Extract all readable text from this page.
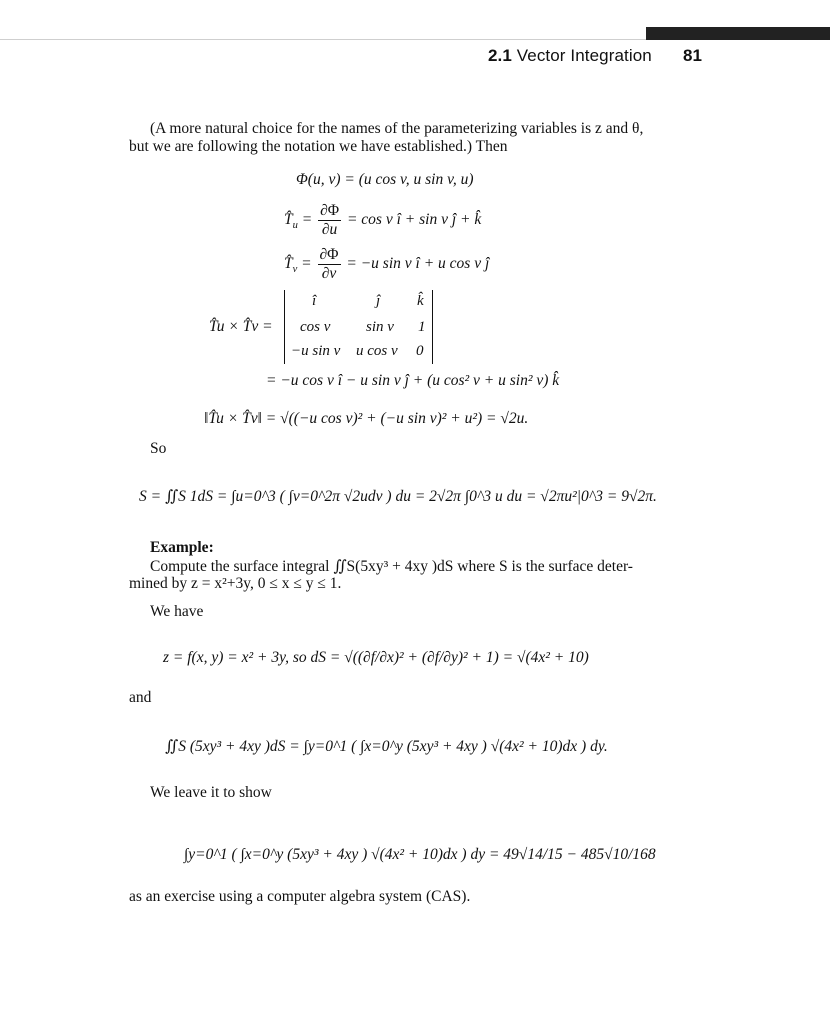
2.1 Vector Integration 81
(A more natural choice for the names of the parameterizing variables is z and θ,
but we are following the notation we have established.) Then
Φ(u, v) = (u cos v, u sin v, u)
$T̂_u = \frac{\partial\Phi}{\partial u} = \cos v$ î + sin v ĵ + k̂
$T̂_v = \frac{\partial\Phi}{\partial v} = -u$ sin v î + u cos v ĵ
T̂u × T̂v =
î	ĵ k̂
cos v sin v 1
−u sin v u cos v 0
= −u cos v î − u sin v ĵ + (u cos² v + u sin² v) k̂
‖T̂u × T̂v‖ = √((−u cos v)² + (−u sin v)² + u²) = √2u.
So
S = ∬S 1dS = ∫u=0^3 ( ∫v=0^2π √2udv ) du = 2√2π ∫0^3 u du = √2πu²|0^3 = 9√2π.
Example:
Compute the surface integral ∬S(5xy³ + 4xy )dS where S is the surface deter-
mined by z = x²+3y, 0 ≤ x ≤ y ≤ 1.
We have
z = f(x, y) = x² + 3y, so dS = √((∂f/∂x)² + (∂f/∂y)² + 1) = √(4x² + 10)
and
∬S (5xy³ + 4xy )dS = ∫y=0^1 ( ∫x=0^y (5xy³ + 4xy ) √(4x² + 10)dx ) dy.
We leave it to show
∫y=0^1 ( ∫x=0^y (5xy³ + 4xy ) √(4x² + 10)dx ) dy = 49√14/15 − 485√10/168
as an exercise using a computer algebra system (CAS).
